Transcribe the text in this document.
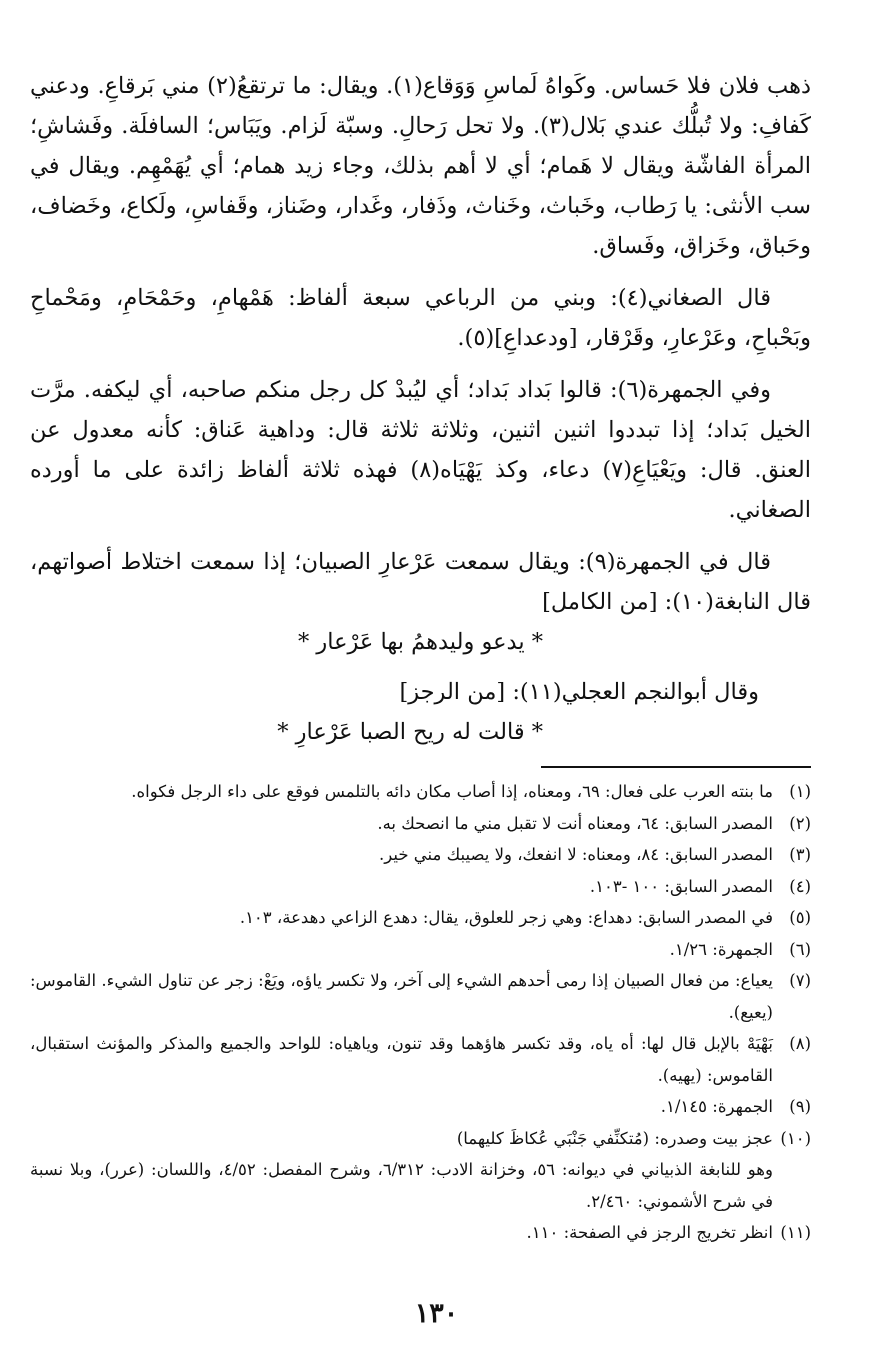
ذهب فلان فلا حَساس. وكَواهُ لَماسِ وَوَقاع(١). ويقال: ما ترتقعُ(٢) مني بَرقاعِ. ودعني كَفافِ: ولا تُبلُّك عندي بَلال(٣). ولا تحل رَحالِ. وسبّة لَزام. ويَبَاس؛ السافلَة. وفَشاشِ؛ المرأة الفاشّة ويقال لا هَمام؛ أي لا أهم بذلك، وجاء زيد همام؛ أي يُهَمْهِم. ويقال في سب الأنثى: يا رَطاب، وخَباث، وخَناث، وذَفار، وغَدار، وضَناز، وقَفاسِ، ولَكاع، وخَضاف، وحَباق، وخَزاق، وفَساق.

قال الصغاني(٤): وبني من الرباعي سبعة ألفاظ: هَمْهامِ، وحَمْحَامِ، ومَحْماحِ وبَحْباحِ، وعَرْعارِ، وقَرْقار، [ودعداعِ](٥).

وفي الجمهرة(٦): قالوا بَداد بَداد؛ أي ليُبدْ كل رجل منكم صاحبه، أي ليكفه. مرَّت الخيل بَداد؛ إذا تبددوا اثنين اثنين، وثلاثة ثلاثة قال: وداهية عَناق: كأنه معدول عن العنق. قال: ويَعْيَاعِ(٧) دعاء، وكذ يَهْيَاه(٨) فهذه ثلاثة ألفاظ زائدة على ما أورده الصغاني.

قال في الجمهرة(٩): ويقال سمعت عَرْعارِ الصبيان؛ إذا سمعت اختلاط أصواتهم، قال النابغة(١٠): [من الكامل]

* يدعو وليدهمُ بها عَرْعار *

وقال أبوالنجم العجلي(١١): [من الرجز]

* قالت له ريح الصبا عَرْعارِ *

(١)
ما بنته العرب على فعال: ٦٩، ومعناه، إذا أصاب مكان دائه بالتلمس فوقع على داء الرجل فكواه.
(٢)
المصدر السابق: ٦٤، ومعناه أنت لا تقبل مني ما انصحك به.
(٣)
المصدر السابق: ٨٤، ومعناه: لا انفعك، ولا يصيبك مني خير.
(٤)
المصدر السابق: ١٠٠ -١٠٣.
(٥)
في المصدر السابق: دهداع: وهي زجر للعلوق، يقال: دهدع الزاعي دهدعة، ١٠٣.
(٦)
الجمهرة: ١/٢٦.
(٧)
يعياع: من فعال الصبيان إذا رمى أحدهم الشيء إلى آخر، ولا تكسر ياؤه، ويَعْ: زجر عن تناول الشيء. القاموس: (يعيع).
(٨)
بَهْيَهْ بالإبل قال لها: أه ياه، وقد تكسر هاؤهما وقد تنون، وياهياه: للواحد والجميع والمذكر والمؤنث استقبال، القاموس: (يهيه).
(٩)
الجمهرة: ١/١٤٥.
(١٠)
عجز بيت وصدره: (مُتكنِّفي جَنْبَي عُكاظَ كليهما)
وهو للنابغة الذبياني في ديوانه: ٥٦، وخزانة الادب: ٦/٣١٢، وشرح المفصل: ٤/٥٢، واللسان: (عرر)، وبلا نسبة في شرح الأشموني: ٢/٤٦٠.
(١١)
انظر تخريج الرجز في الصفحة: ١١٠.
١٣٠
